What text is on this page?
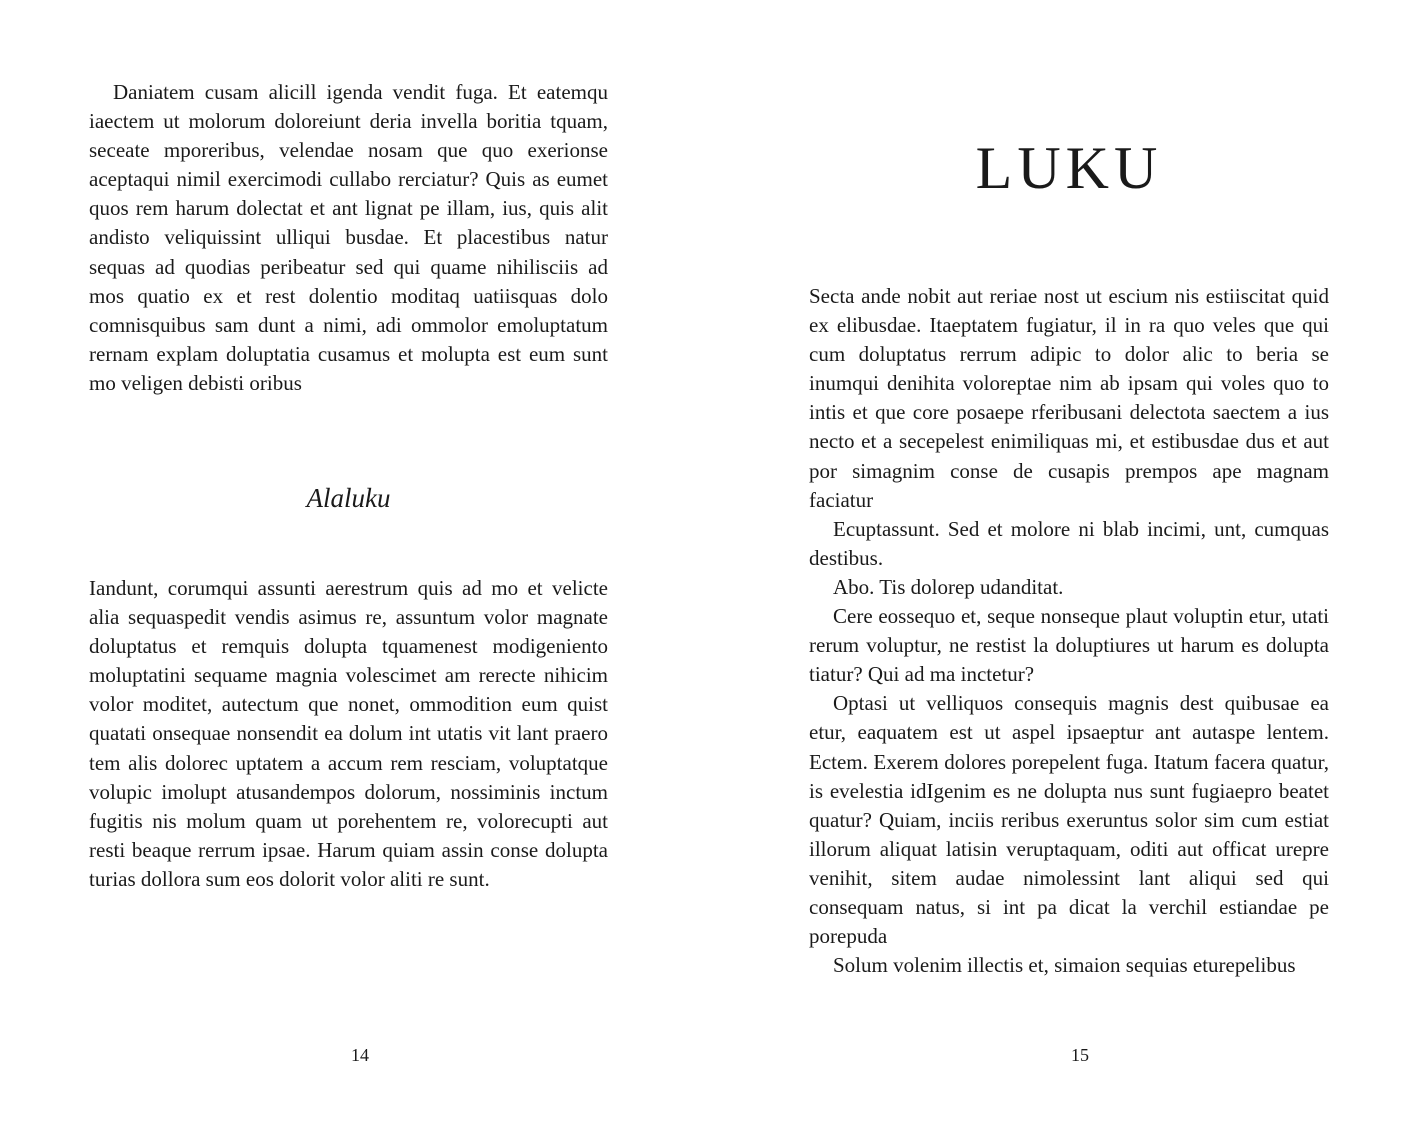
Daniatem cusam alicill igenda vendit fuga. Et eatemqu iaectem ut molorum doloreiunt deria invella boritia tquam, seceate mporeribus, velendae nosam que quo exerionse aceptaqui nimil exercimodi cullabo rerciatur? Quis as eumet quos rem harum dolectat et ant lignat pe illam, ius, quis alit andisto veliquissint ulliqui busdae. Et placestibus natur sequas ad quodias peribeatur sed qui quame nihilisciis ad mos quatio ex et rest dolentio moditaq uatiisquas dolo comnisquibus sam dunt a nimi, adi ommolor emoluptatum rernam explam doluptatia cusamus et molupta est eum sunt mo veligen debisti oribus

Alaluku

Iandunt, corumqui assunti aerestrum quis ad mo et velicte alia sequaspedit vendis asimus re, assuntum volor magnate doluptatus et remquis dolupta tquamenest modigeniento moluptatini sequame magnia volescimet am rerecte nihicim volor moditet, autectum que nonet, ommodition eum quist quatati onsequae nonsendit ea dolum int utatis vit lant praero tem alis dolorec uptatem a accum rem resciam, voluptatque volupic imolupt atusandempos dolorum, nossiminis inctum fugitis nis molum quam ut porehentem re, volorecupti aut resti beaque rerrum ipsae. Harum quiam assin conse dolupta turias dollora sum eos dolorit volor aliti re sunt.

14
LUKU

Secta ande nobit aut reriae nost ut escium nis estiiscitat quid ex elibusdae. Itaeptatem fugiatur, il in ra quo veles que qui cum doluptatus rerrum adipic to dolor alic to beria se inumqui denihita voloreptae nim ab ipsam qui voles quo to intis et que core posaepe rferibusani delectota saectem a ius necto et a secepelest enimiliquas mi, et estibusdae dus et aut por simagnim conse de cusapis prempos ape magnam faciatur

Ecuptassunt. Sed et molore ni blab incimi, unt, cumquas destibus.

Abo. Tis dolorep udanditat.

Cere eossequo et, seque nonseque plaut voluptin etur, utati rerum voluptur, ne restist la doluptiures ut harum es dolupta tiatur? Qui ad ma inctetur?

Optasi ut velliquos consequis magnis dest quibusae ea etur, eaquatem est ut aspel ipsaeptur ant autaspe lentem. Ectem. Exerem dolores porepelent fuga. Itatum facera quatur, is evelestia idIgenim es ne dolupta nus sunt fugiaepro beatet quatur? Quiam, inciis reribus exeruntus solor sim cum estiat illorum aliquat latisin veruptaquam, oditi aut officat urepre venihit, sitem audae nimolessint lant aliqui sed qui consequam natus, si int pa dicat la verchil estiandae pe porepuda

Solum volenim illectis et, simaion sequias eturepelibus

15
